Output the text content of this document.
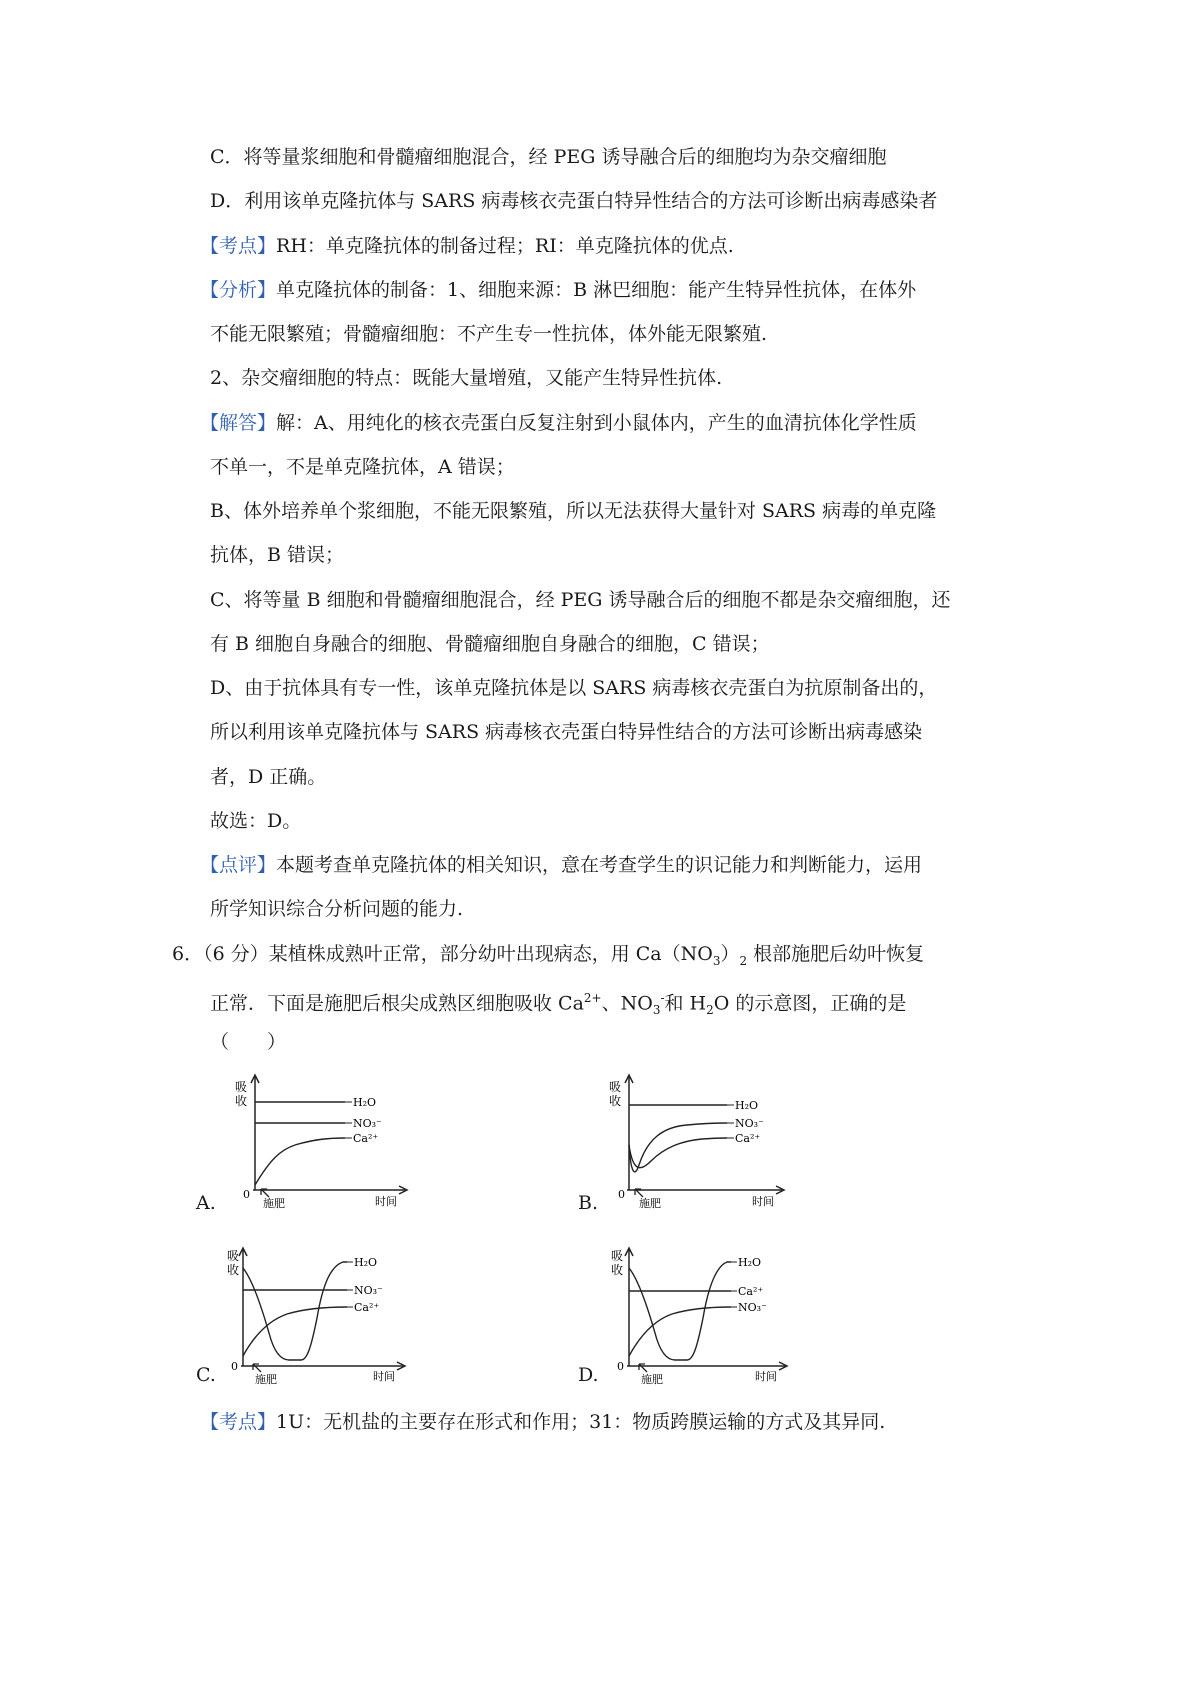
C．将等量浆细胞和骨髓瘤细胞混合，经 PEG 诱导融合后的细胞均为杂交瘤细胞
D．利用该单克隆抗体与 SARS 病毒核衣壳蛋白特异性结合的方法可诊断出病毒感染者
【考点】RH：单克隆抗体的制备过程；RI：单克隆抗体的优点.
【分析】单克隆抗体的制备：1、细胞来源：B 淋巴细胞：能产生特异性抗体，在体外
不能无限繁殖；骨髓瘤细胞：不产生专一性抗体，体外能无限繁殖.
2、杂交瘤细胞的特点：既能大量增殖，又能产生特异性抗体.
【解答】解：A、用纯化的核衣壳蛋白反复注射到小鼠体内，产生的血清抗体化学性质
不单一，不是单克隆抗体，A 错误；
B、体外培养单个浆细胞，不能无限繁殖，所以无法获得大量针对 SARS 病毒的单克隆
抗体，B 错误；
C、将等量 B 细胞和骨髓瘤细胞混合，经 PEG 诱导融合后的细胞不都是杂交瘤细胞，还
有 B 细胞自身融合的细胞、骨髓瘤细胞自身融合的细胞，C 错误；
D、由于抗体具有专一性，该单克隆抗体是以 SARS 病毒核衣壳蛋白为抗原制备出的，
所以利用该单克隆抗体与 SARS 病毒核衣壳蛋白特异性结合的方法可诊断出病毒感染
者，D 正确。
故选：D。
【点评】本题考查单克隆抗体的相关知识，意在考查学生的识记能力和判断能力，运用
所学知识综合分析问题的能力.
6．（6 分）某植株成熟叶正常，部分幼叶出现病态，用 $Ca(NO_3)_2$ 根部施肥后幼叶恢复
正常．下面是施肥后根尖成熟区细胞吸收 $Ca^{2+}$、$NO_3^-$和 $H_2O$ 的示意图，正确的是
（　　）
吸
收
0
时间
施肥
H₂O
NO₃⁻
Ca²⁺
A.
吸
收
0
时间
施肥
H₂O
NO₃⁻
Ca²⁺
B.
吸
收
0
时间
施肥
H₂O
NO₃⁻
Ca²⁺
C.
吸
收
0
时间
施肥
H₂O
Ca²⁺
NO₃⁻
D.
【考点】1U：无机盐的主要存在形式和作用；31：物质跨膜运输的方式及其异同.
